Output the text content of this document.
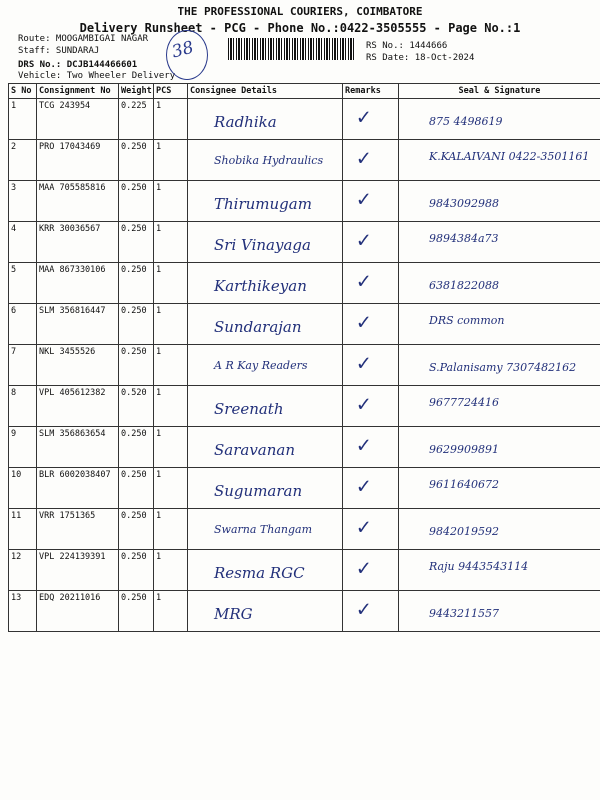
THE PROFESSIONAL COURIERS, COIMBATORE
Delivery Runsheet - PCG - Phone No.:0422-3505555 - Page No.:1
Route: MOOGAMBIGAI NAGAR
Staff: SUNDARAJ
DRS No.: DCJB144466601
Vehicle: Two Wheeler Delivery
RS No.: 1444666
RS Date: 18-Oct-2024
38
S No	Consignment No	Weight	PCS	Consignee Details	Remarks	Seal & Signature
1	TCG 243954	0.225	1	Radhika	✓	875 4498619

2	PRO 17043469	0.250	1	Shobika Hydraulics	✓	K.KALAIVANI 0422-3501161

3	MAA 705585816	0.250	1	Thirumugam	✓	9843092988

4	KRR 30036567	0.250	1	Sri Vinayaga	✓	9894384a73

5	MAA 867330106	0.250	1	Karthikeyan	✓	6381822088

6	SLM 356816447	0.250	1	Sundarajan	✓	DRS common

7	NKL 3455526	0.250	1	A R Kay Readers	✓	S.Palanisamy 7307482162

8	VPL 405612382	0.520	1	Sreenath	✓	9677724416

9	SLM 356863654	0.250	1	Saravanan	✓	9629909891

10	BLR 6002038407	0.250	1	Sugumaran	✓	9611640672

11	VRR 1751365	0.250	1	Swarna Thangam	✓	9842019592

12	VPL 224139391	0.250	1	Resma RGC	✓	Raju 9443543114

13	EDQ 20211016	0.250	1	MRG	✓	9443211557
